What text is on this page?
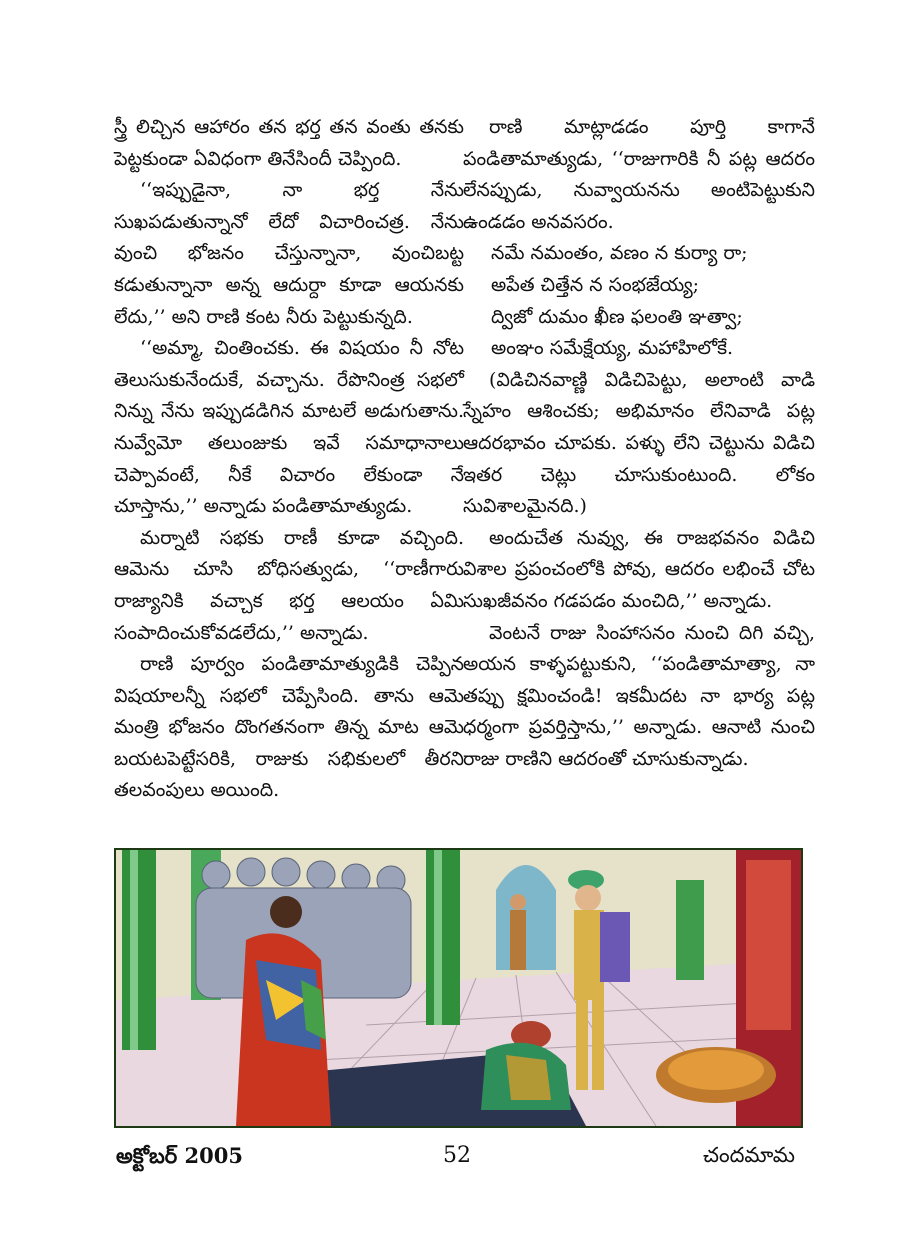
స్త్రీ లిచ్చిన ఆహారం తన భర్త తన వంతు తనకు పెట్టకుండా ఏవిధంగా తినేసిందీ చెప్పింది.

‘‘ఇప్పుడైనా, నా భర్త నేను సుఖపడుతున్నానో లేదో విచారించత్ర. నేను వుంచి భోజనం చేస్తున్నానా, వుంచిబట్ట కడుతున్నానా అన్న ఆదుర్దా కూడా ఆయనకు లేదు,’’ అని రాణి కంట నీరు పెట్టుకున్నది.

‘‘అమ్మా, చింతించకు. ఈ విషయం నీ నోట తెలుసుకునేందుకే, వచ్చాను. రేపొనింత్ర సభలో నిన్ను నేను ఇప్పుడడిగిన మాటలే అడుగుతాను. నువ్వేమో తలుంజుకు ఇవే సమాధానాలు చెప్పావంటే, నీకే విచారం లేకుండా నే చూస్తాను,’’ అన్నాడు పండితామాత్యుడు.

మర్నాటి సభకు రాణీ కూడా వచ్చింది. ఆమెను చూసి బోధిసత్వుడు, ‘‘రాణీగారు రాజ్యానికి వచ్చాక భర్త ఆలయం ఏమి సంపాదించుకోవడలేదు,’’ అన్నాడు.

రాణి పూర్వం పండితామాత్యుడికి చెప్పిన విషయాలన్నీ సభలో చెప్పేసింది. తాను ఆమె మంత్రి భోజనం దొంగతనంగా తిన్న మాట ఆమె బయటపెట్టేసరికి, రాజుకు సభికులలో తీరని తలవంపులు అయింది.

రాణి మాట్లాడడం పూర్తి కాగానే పండితామాత్యుడు, ‘‘రాజుగారికి నీ పట్ల ఆదరం లేనప్పుడు, నువ్వాయనను అంటిపెట్టుకుని ఉండడం అనవసరం.

నమే నమంతం, వణం న కుర్యా రా;
అపేత చిత్తేన న సంభజేయ్య;
ద్విజో దుమం ఖీణ ఫలంతి ఞత్వా;
అంఞం సమేక్షేయ్య, మహాహిలోకే.

(విడిచినవాణ్ణి విడిచిపెట్టు, అలాంటి వాడి స్నేహం ఆశించకు; అభిమానం లేనివాడి పట్ల ఆదరభావం చూపకు. పళ్ళు లేని చెట్టును విడిచి ఇతర చెట్లు చూసుకుంటుంది. లోకం సువిశాలమైనది.)

అందుచేత నువ్వు, ఈ రాజభవనం విడిచి విశాల ప్రపంచంలోకి పోవు, ఆదరం లభించే చోట సుఖజీవనం గడపడం మంచిది,’’ అన్నాడు.

వెంటనే రాజు సింహాసనం నుంచి దిగి వచ్చి, అయన కాళ్ళపట్టుకుని, ‘‘పండితామాత్యా, నా తప్పు క్షమించండి! ఇకమీదట నా భార్య పట్ల ధర్మంగా ప్రవర్తిస్తాను,’’ అన్నాడు. ఆనాటి నుంచి రాజు రాణిని ఆదరంతో చూసుకున్నాడు.

అక్టోబర్ 2005	52	చందమామ
